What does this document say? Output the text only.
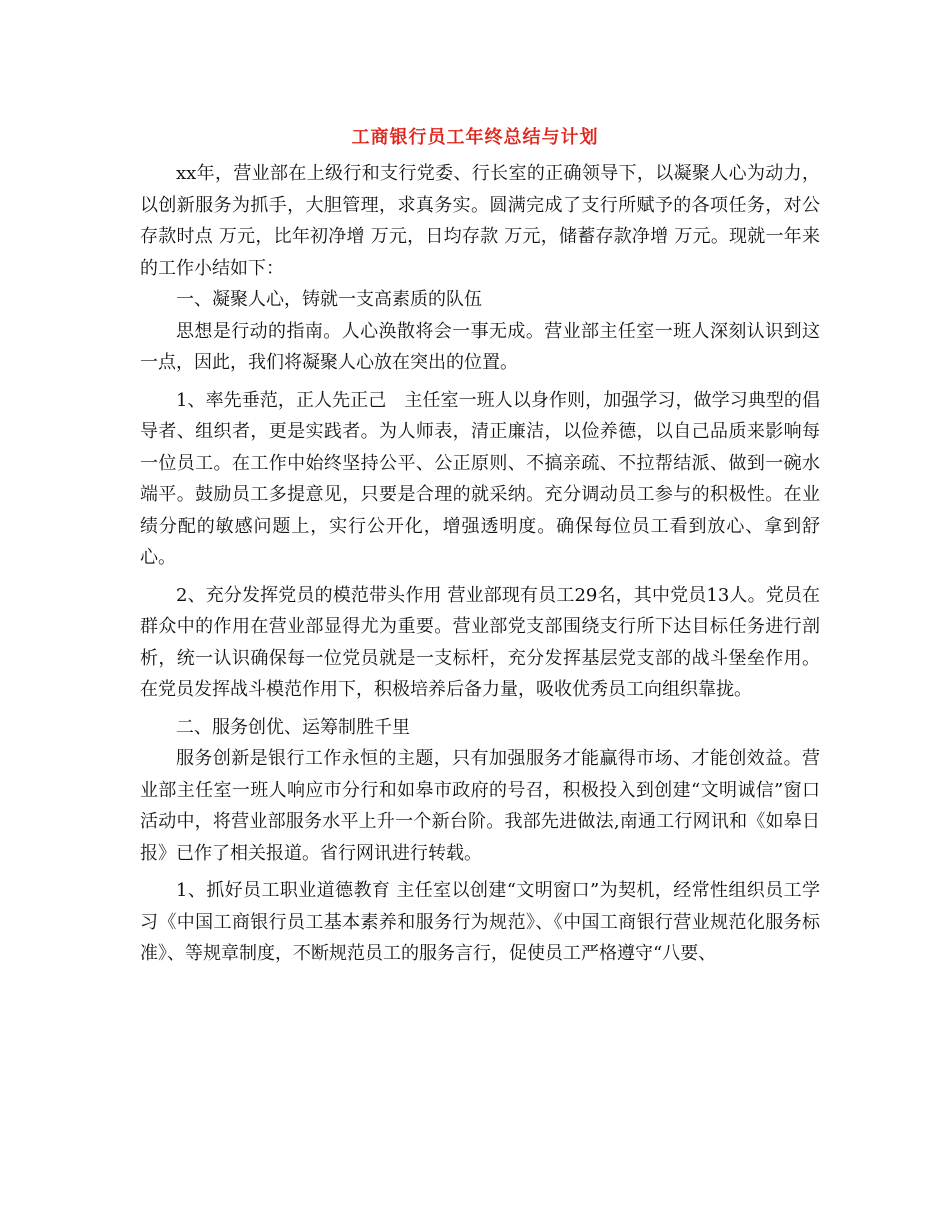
工商银行员工年终总结与计划

xx年，营业部在上级行和支行党委、行长室的正确领导下，以凝聚人心为动力，以创新服务为抓手，大胆管理，求真务实。圆满完成了支行所赋予的各项任务，对公存款时点 万元，比年初净增 万元，日均存款 万元，储蓄存款净增 万元。现就一年来的工作小结如下：

一、凝聚人心，铸就一支高素质的队伍

思想是行动的指南。人心涣散将会一事无成。营业部主任室一班人深刻认识到这一点，因此，我们将凝聚人心放在突出的位置。

1、率先垂范，正人先正己　主任室一班人以身作则，加强学习，做学习典型的倡导者、组织者，更是实践者。为人师表，清正廉洁，以俭养德，以自己品质来影响每一位员工。在工作中始终坚持公平、公正原则、不搞亲疏、不拉帮结派、做到一碗水端平。鼓励员工多提意见，只要是合理的就采纳。充分调动员工参与的积极性。在业绩分配的敏感问题上，实行公开化，增强透明度。确保每位员工看到放心、拿到舒心。

2、充分发挥党员的模范带头作用 营业部现有员工29名，其中党员13人。党员在群众中的作用在营业部显得尤为重要。营业部党支部围绕支行所下达目标任务进行剖析，统一认识确保每一位党员就是一支标杆，充分发挥基层党支部的战斗堡垒作用。在党员发挥战斗模范作用下，积极培养后备力量，吸收优秀员工向组织靠拢。

二、服务创优、运筹制胜千里

服务创新是银行工作永恒的主题，只有加强服务才能赢得市场、才能创效益。营业部主任室一班人响应市分行和如皋市政府的号召，积极投入到创建“文明诚信”窗口活动中，将营业部服务水平上升一个新台阶。我部先进做法,南通工行网讯和《如皋日报》已作了相关报道。省行网讯进行转载。

1、抓好员工职业道德教育 主任室以创建“文明窗口”为契机，经常性组织员工学习《中国工商银行员工基本素养和服务行为规范》、《中国工商银行营业规范化服务标准》、等规章制度，不断规范员工的服务言行，促使员工严格遵守“八要、
